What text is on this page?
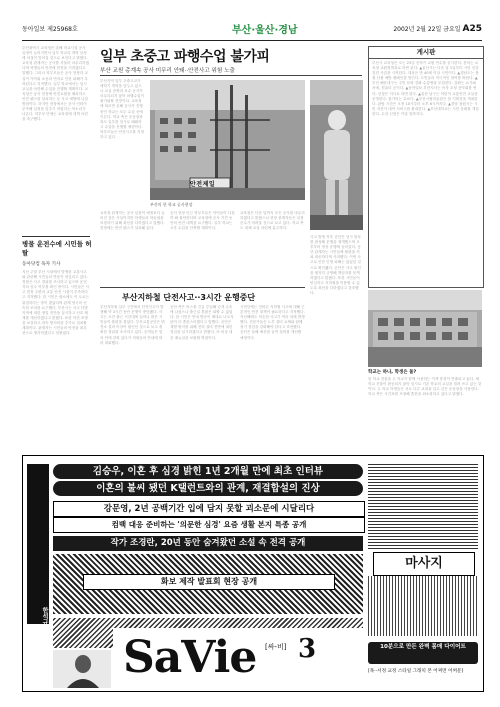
동아일보 제25968호	부산·울산·경남	2002년 2월 22일 금요일 A25
부산광역시 교육청은 올해 학교시설 공사 일정이 늦어지면서 일부 학교의 개학 일정에 차질이 빚어질 것으로 보인다고 밝혔다. 교육청 관계자는 공사를 서둘러 마무리하겠다며 학생들의 안전에 만전을 기하겠다고 말했다. 그러나 학부모들은 공사 현장과 교실이 가까워 소음과 먼지로 인한 피해가 우려된다고 지적했다. 일부 학교에서는 임시 교실을 마련해 수업을 진행할 계획이다. 교육청은 공사 현장에 안전요원을 배치하고 안전 펜스를 설치하는 등 사고 예방에 나설 방침이다. 하지만 현장에서는 공사 인력이 부족해 일정을 맞추기 어렵다는 목소리가 나온다. 학부모 단체는 교육청에 대책 마련을 촉구했다.
병물 운전수에 시민들 허탈
동아닷컴 독자 기사
지난 주말 부산 시내에서 발생한 교통사고와 관련해 시민들의 반응이 엇갈리고 있다. 경찰은 사고 경위를 조사하고 있으며 운전자의 음주 여부를 확인 중이다. 시민들은 사고 현장 주변의 교통 안전 시설이 부족하다고 지적했다. 한 시민은 평소에도 이 도로는 위험하다는 말이 많았다며 관계 당국의 신속한 조치를 요구했다. 부산시는 사고 다발 지역에 대한 정밀 진단을 실시하고 신호 체계를 개선하겠다고 밝혔다. 또한 야간 조명을 보강하고 과속 방지턱을 추가로 설치할 계획이다. 관계자는 시민들의 안전을 최우선으로 생각하겠다고 덧붙였다.
일부 초중고 파행수업 불가피
부산 교원 총계속 공사 미무리 안돼··안전사고 위험 노출
부산지역 일부 초중고교가 새학기 개학을 앞두고 있으나 교실 증축과 보수 공사가 마무리되지 않아 파행수업이 불가피할 전망이다. 교육청에 따르면 올해 공사가 진행 중인 학교는 모두 수십 곳에 이른다. 학교 측은 운동장과 복도 일부를 임시로 폐쇄하고 수업을 진행할 예정이다. 학부모들은 안전사고를 걱정하고 있다.
안전제일
부산의 한 학교 공사현장
교육청 관계자는 공사 일정이 예정보다 늦어진 것은 사실이지만 학생들의 학습권을 보장하기 위해 최선을 다하겠다고 말했다. 현장에는 안전 펜스가 설치돼 있다.
공사 현장 인근 학부모들은 아이들이 다칠까 봐 불안하다며 교육청에 공사 기간 동안의 안전 대책을 요구했다. 일부 학교는 오후 수업을 단축할 계획이다.
교육청은 다음 달까지 모든 공사를 마무리하겠다고 밝혔으나 현장 관계자들은 일정 준수가 어려울 것으로 보고 있다. 학교 측도 대체 교실 마련에 분주하다.
부산지하철 단전사고··3시간 운행중단
부산지하철 일부 구간에서 단전사고가 발생해 약 3시간 동안 운행이 중단됐다. 사고는 오전 출근 시간대에 일어나 많은 시민들이 불편을 겪었다. 부산교통공단은 변전소 설비 이상이 원인인 것으로 보고 정확한 경위를 조사하고 있다. 승객들은 열차 안에 갇혀 있다가 직원들의 안내에 따라 대피했다.
공단 측은 버스를 긴급 투입해 승객 수송에 나섰으나 출근길 혼잡은 피할 수 없었다. 한 시민은 안내 방송이 제대로 나오지 않아 더 혼란스러웠다고 말했다. 공단은 재발 방지를 위해 전력 설비 전반에 대한 점검을 실시하겠다고 밝혔다. 또 비상 대응 매뉴얼을 보완할 방침이다.
시민단체는 잇따른 지하철 사고에 대해 근본적인 안전 대책이 필요하다고 지적했다. 지난해에도 비슷한 사고가 여러 차례 발생했다. 전문가들은 노후 설비 교체와 함께 정기 점검을 강화해야 한다고 조언했다. 공단은 올해 예산을 들여 설비를 개선할 예정이다.
사고 발생 직후 공단은 임시 열차를 편성해 운행을 재개했으며 오후부터 정상 운행에 들어갔다. 공단 관계자는 시민들께 불편을 끼쳐 죄송하다며 사과했다. 이번 사고로 인한 인명 피해는 없었던 것으로 확인됐다. 공단은 사고 원인을 철저히 규명해 책임자를 문책하겠다고 밝혔다. 또한 시민들이 안심하고 지하철을 이용할 수 있도록 최선을 다하겠다고 강조했다.
게시판
부산시 교육청은 오는 25일 신학기 교원 연수를 실시한다. 문의는 교육청 교원정책과로 하면 된다. ▲울산시는 다음 달 1일부터 시민 건강 검진 사업을 시작한다. 대상은 만 40세 이상 시민이다. ▲경남도는 봄철 산불 예방 캠페인을 벌인다. 도민들의 적극적인 참여를 바란다. ▲부산 해운대구는 주민 문화 강좌 수강생을 모집한다. 강좌는 요가와 서예, 컴퓨터 등이다. ▲동아일보 부산지사는 독자 초청 음악회를 연다. 신청은 지사로 하면 된다. ▲울산 남구는 어린이 교통안전 교실을 운영한다. 참가비는 무료다. ▲부산시립미술관은 봄 기획전을 개최한다. 관람 시간은 오전 10시부터 오후 6시까지다. ▲경남 창원시는 시민 자전거 대여 서비스를 확대한다. ▲부산대학교는 시민 강좌를 개설한다. 수강 신청은 이달 말까지다.
학교는 하나, 학생은 둘?
한 학교 건물을 두 학교가 함께 사용하는 이색 풍경이 연출되고 있다. 새 학교 건물이 완공되지 않아 임시로 기존 학교의 교실을 빌려 쓰고 있는 것이다. 두 학교 학생들은 서로 다른 교복을 입고 같은 운동장을 사용한다. 학교 측은 시간표를 조정해 혼란을 최소화하고 있다고 밝혔다.
김승우, 이혼 후 심경 밝힌 1년 2개월 만에 최초 인터뷰
이혼의 불씨 됐던 K탤런트와의 관계, 재결합설의 진상
강문영, 2년 공백기간 입에 담지 못할 괴소문에 시달리다
컴백 대응 준비하는 '의문한 심경' 요즘 생활 본지 특종 공개
작가 조경란, 20년 동안 숨겨왔던 소설 속 전격 공개
한석규
화보 제작 발표회 현장 공개
마사지
SaVie [싸-비] 3	10분으로 만든 완벽 몸매 다이어트
[목··서정 교정 스타일 그래픽 본 어쩌면 어쩌문]
